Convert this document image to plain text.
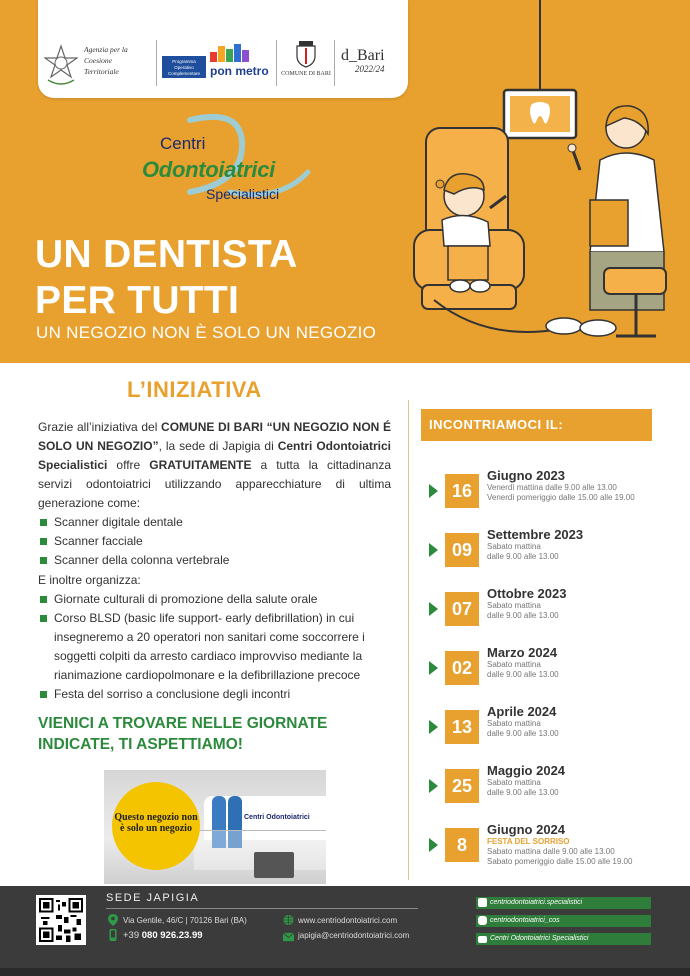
Agenzia per la Coesione Territoriale
Programma Operativo Complementare pon metro COMUNE DI BARI
d_Bari
2022/24
Centri
Odontoiatrici
Specialistici
UN DENTISTA
PER TUTTI
UN NEGOZIO NON È SOLO UN NEGOZIO
L’INIZIATIVA
Grazie all’iniziativa del COMUNE DI BARI “UN NEGOZIO NON É SOLO UN NEGOZIO”, la sede di Japigia di Centri Odontoiatrici Specialistici offre GRATUITAMENTE a tutta la cittadinanza servizi odontoiatrici utilizzando apparecchiature di ultima generazione come:
Scanner digitale dentale
Scanner facciale
Scanner della colonna vertebrale
E inoltre organizza:
Giornate culturali di promozione della salute orale
Corso BLSD (basic life support- early defibrillation) in cui insegneremo a 20 operatori non sanitari come soccorrere i soggetti colpiti da arresto cardiaco improvviso mediante la rianimazione cardiopolmonare e la defibrillazione precoce
Festa del sorriso a conclusione degli incontri
VIENICI A TROVARE NELLE GIORNATE INDICATE, TI ASPETTIAMO!
Centri Odontoiatrici
Questo negozio non è solo un negozio
INCONTRIAMOCI IL:
16
Giugno 2023
Venerdì mattina dalle 9.00 alle 13.00
Venerdì pomeriggio dalle 15.00 alle 19.00
09
Settembre 2023
Sabato mattina
dalle 9.00 alle 13.00
07
Ottobre 2023
Sabato mattina
dalle 9.00 alle 13.00
02
Marzo 2024
Sabato mattina
dalle 9.00 alle 13.00
13
Aprile 2024
Sabato mattina
dalle 9.00 alle 13.00
25
Maggio 2024
Sabato mattina
dalle 9.00 alle 13.00
8
Giugno 2024
FESTA DEL SORRISO
Sabato mattina dalle 9.00 alle 13.00
Sabato pomeriggio dalle 15.00 alle 19.00
SEDE JAPIGIA
Via Gentile, 46/C | 70126 Bari (BA)
+39 080 926.23.99
www.centriodontoiatrici.com
japigia@centriodontoiatrici.com
centriodontoiatrici.specialistici
centriodontoiatrici_cos
Centri Odontoiatrici Specialistici
